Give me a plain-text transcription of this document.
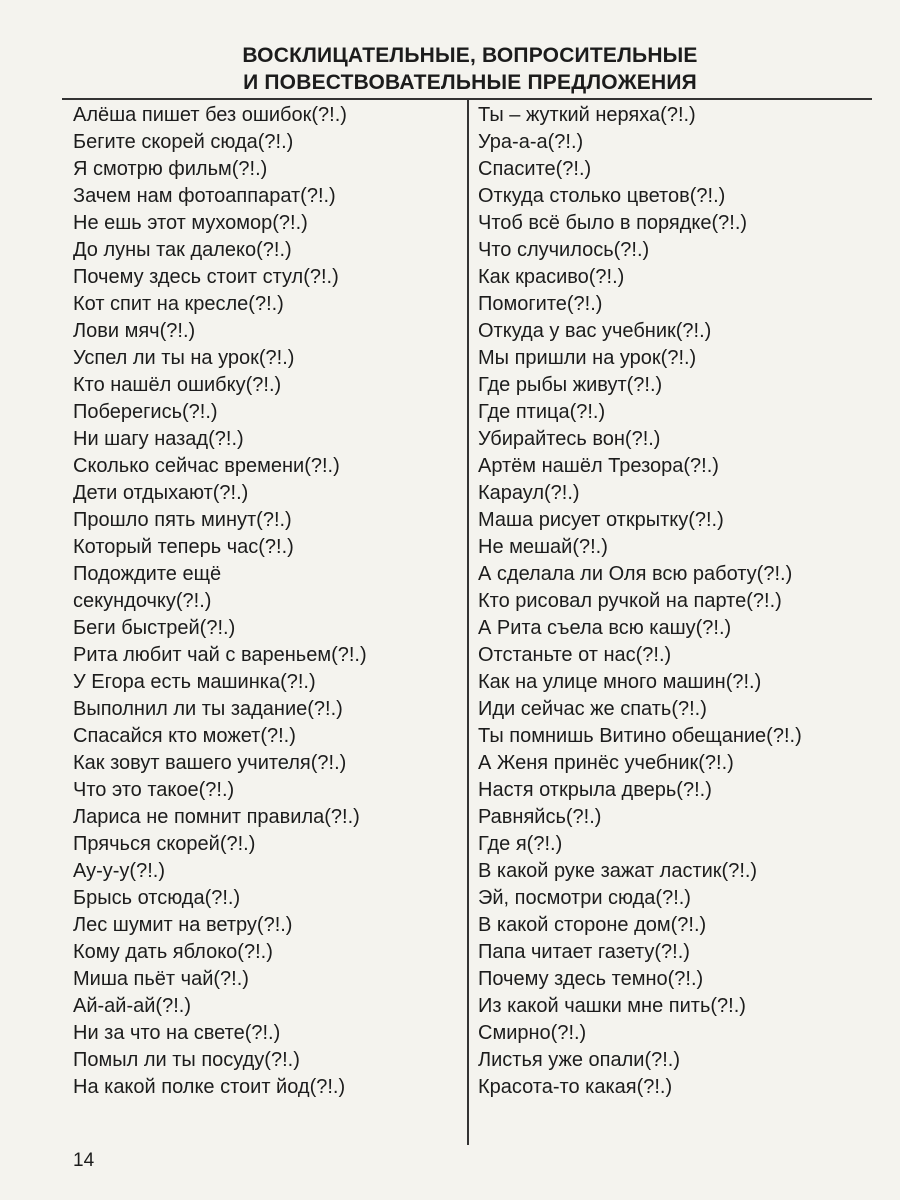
ВОСКЛИЦАТЕЛЬНЫЕ, ВОПРОСИТЕЛЬНЫЕ
И ПОВЕСТВОВАТЕЛЬНЫЕ ПРЕДЛОЖЕНИЯ
Алёша пишет без ошибок(?!.)
Бегите скорей сюда(?!.)
Я смотрю фильм(?!.)
Зачем нам фотоаппарат(?!.)
Не ешь этот мухомор(?!.)
До луны так далеко(?!.)
Почему здесь стоит стул(?!.)
Кот спит на кресле(?!.)
Лови мяч(?!.)
Успел ли ты на урок(?!.)
Кто нашёл ошибку(?!.)
Поберегись(?!.)
Ни шагу назад(?!.)
Сколько сейчас времени(?!.)
Дети отдыхают(?!.)
Прошло пять минут(?!.)
Который теперь час(?!.)
Подождите ещё
секундочку(?!.)
Беги быстрей(?!.)
Рита любит чай с вареньем(?!.)
У Егора есть машинка(?!.)
Выполнил ли ты задание(?!.)
Спасайся кто может(?!.)
Как зовут вашего учителя(?!.)
Что это такое(?!.)
Лариса не помнит правила(?!.)
Прячься скорей(?!.)
Ау-у-у(?!.)
Брысь отсюда(?!.)
Лес шумит на ветру(?!.)
Кому дать яблоко(?!.)
Миша пьёт чай(?!.)
Ай-ай-ай(?!.)
Ни за что на свете(?!.)
Помыл ли ты посуду(?!.)
На какой полке стоит йод(?!.)
Ты – жуткий неряха(?!.)
Ура-а-а(?!.)
Спасите(?!.)
Откуда столько цветов(?!.)
Чтоб всё было в порядке(?!.)
Что случилось(?!.)
Как красиво(?!.)
Помогите(?!.)
Откуда у вас учебник(?!.)
Мы пришли на урок(?!.)
Где рыбы живут(?!.)
Где птица(?!.)
Убирайтесь вон(?!.)
Артём нашёл Трезора(?!.)
Караул(?!.)
Маша рисует открытку(?!.)
Не мешай(?!.)
А сделала ли Оля всю работу(?!.)
Кто рисовал ручкой на парте(?!.)
А Рита съела всю кашу(?!.)
Отстаньте от нас(?!.)
Как на улице много машин(?!.)
Иди сейчас же спать(?!.)
Ты помнишь Витино обещание(?!.)
А Женя принёс учебник(?!.)
Настя открыла дверь(?!.)
Равняйсь(?!.)
Где я(?!.)
В какой руке зажат ластик(?!.)
Эй, посмотри сюда(?!.)
В какой стороне дом(?!.)
Папа читает газету(?!.)
Почему здесь темно(?!.)
Из какой чашки мне пить(?!.)
Смирно(?!.)
Листья уже опали(?!.)
Красота-то какая(?!.)
14
